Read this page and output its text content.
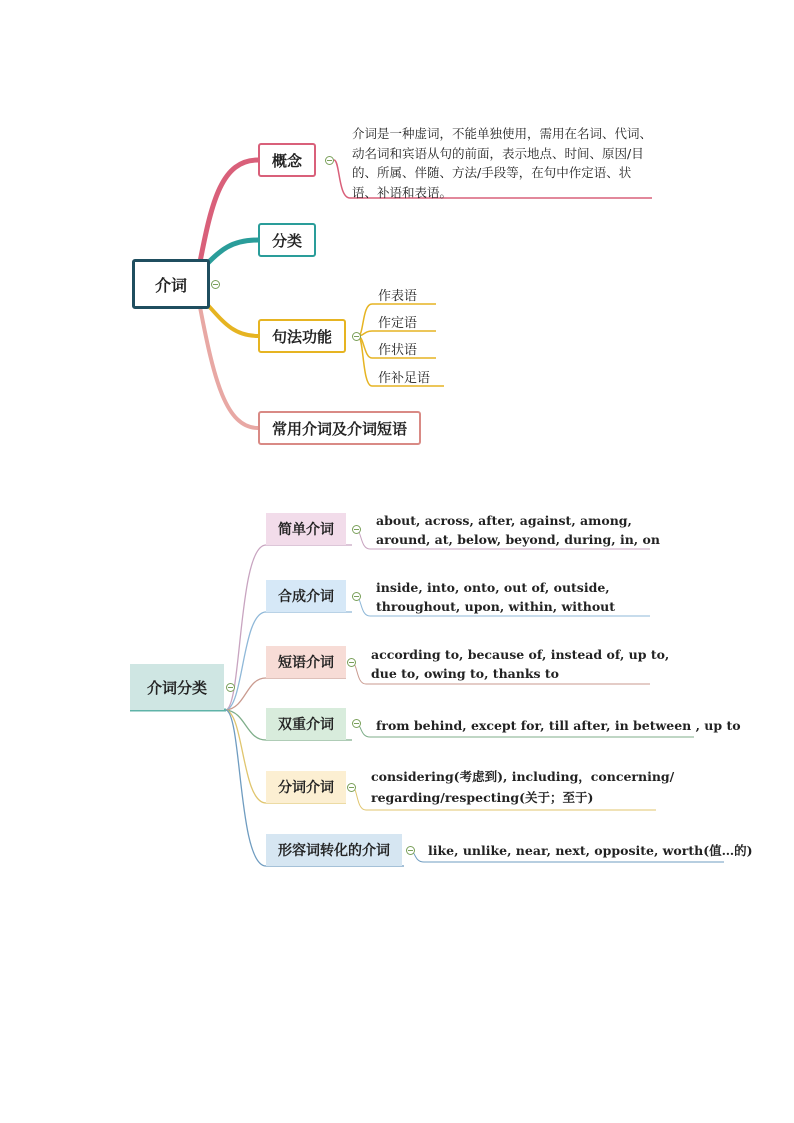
介词
概念
介词是一种虚词，不能单独使用，需用在名词、代词、动名词和宾语从句的前面，表示地点、时间、原因/目的、所属、伴随、方法/手段等，在句中作定语、状语、补语和表语。
分类
句法功能
作表语
作定语
作状语
作补足语
常用介词及介词短语
介词分类
简单介词
about, across, after, against, among,
around, at, below, beyond, during, in, on
合成介词
inside, into, onto, out of, outside,
throughout, upon, within, without
短语介词
according to, because of, instead of, up to,
due to, owing to, thanks to
双重介词	from behind, except for, till after, in between , up to
分词介词
considering(考虑到), including，concerning/
regarding/respecting(关于；至于)
形容词转化的介词	like, unlike, near, next, opposite, worth(值…的)
